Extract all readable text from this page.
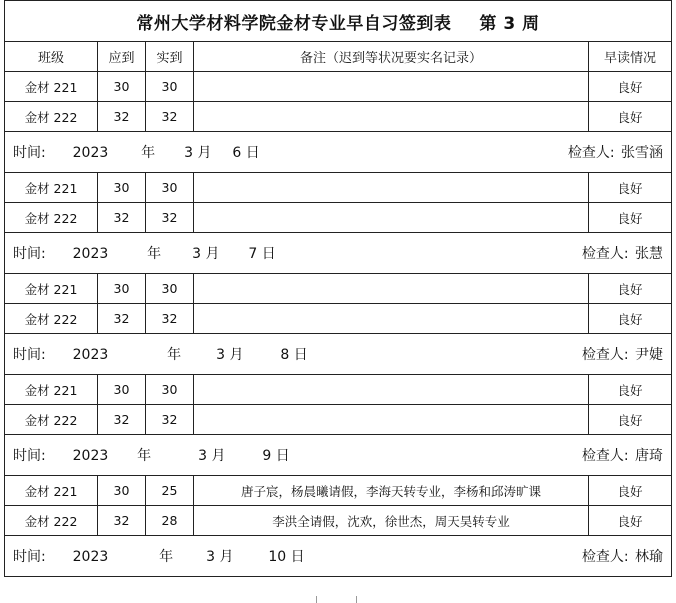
常州大学材料学院金材专业早自习签到表 第 3 周				
班级	应到	实到	备注（迟到等状况要实名记录）	早读情况
金材 221	30	30		良好
金材 222	32	32		良好

时间: 2023 年 3 月 6 日 检查人: 张雪涵				

金材 221	30	30		良好
金材 222	32	32		良好

时间: 2023 年 3 月 7 日 检查人: 张慧				

金材 221	30	30		良好
金材 222	32	32		良好

时间: 2023 年 3 月 8 日 检查人: 尹婕				

金材 221	30	30		良好
金材 222	32	32		良好

时间: 2023 年 3 月 9 日 检查人: 唐琦				

金材 221	30	25	唐子宸，杨晨曦请假，李海天转专业，李杨和邱涛旷课	良好
金材 222	32	28	李洪全请假，沈欢，徐世杰，周天昊转专业	良好

时间: 2023 年 3 月 10 日 检查人: 林瑜				
